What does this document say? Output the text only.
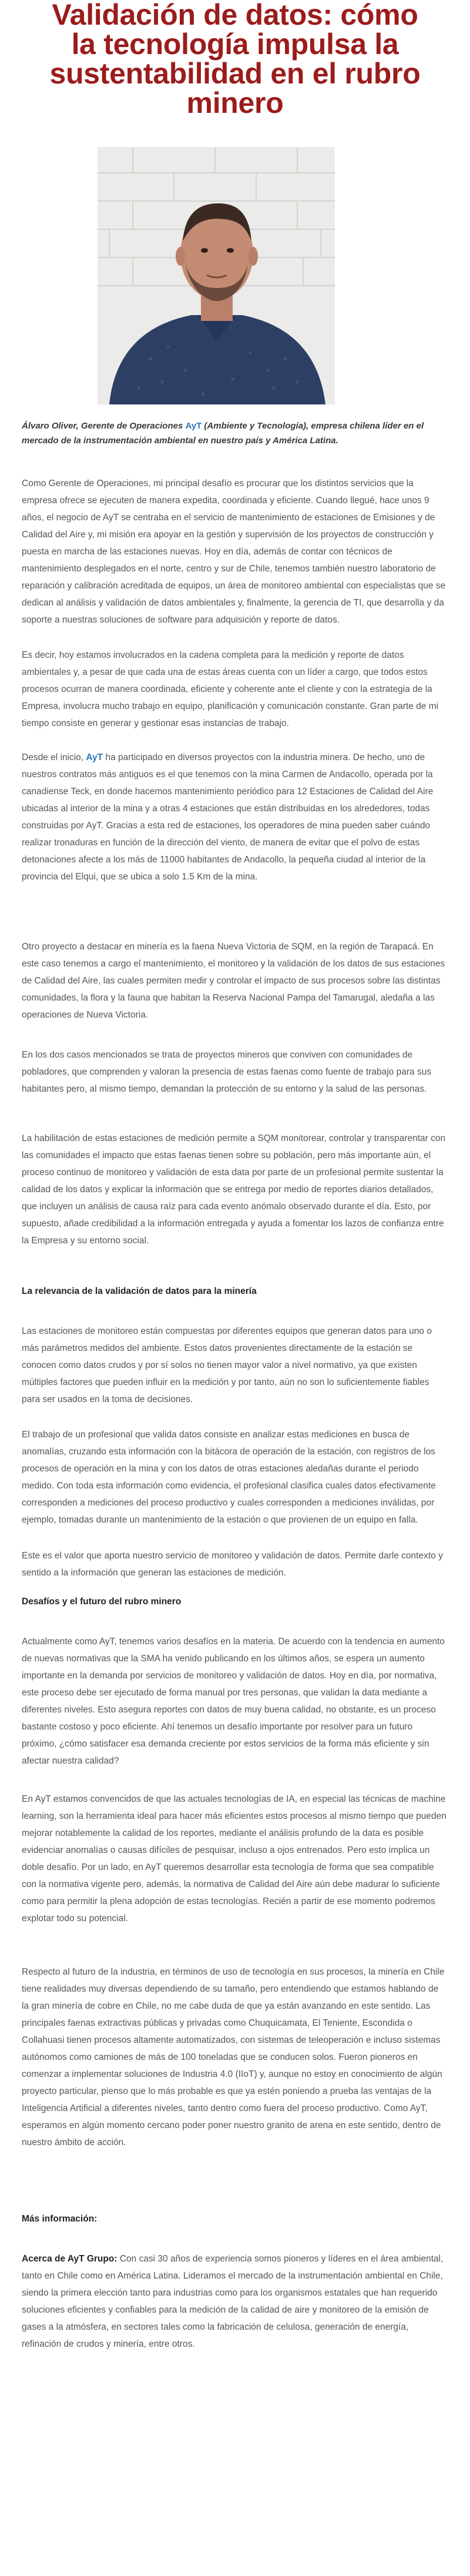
Validación de datos: cómo la tecnología impulsa la sustentabilidad en el rubro minero

Álvaro Oliver, Gerente de Operaciones AyT (Ambiente y Tecnología), empresa chilena líder en el mercado de la instrumentación ambiental en nuestro país y América Latina.

Como Gerente de Operaciones, mi principal desafío es procurar que los distintos servicios que la empresa ofrece se ejecuten de manera expedita, coordinada y eficiente. Cuando llegué, hace unos 9 años, el negocio de AyT se centraba en el servicio de mantenimiento de estaciones de Emisiones y de Calidad del Aire y, mi misión era apoyar en la gestión y supervisión de los proyectos de construcción y puesta en marcha de las estaciones nuevas. Hoy en día, además de contar con técnicos de mantenimiento desplegados en el norte, centro y sur de Chile, tenemos también nuestro laboratorio de reparación y calibración acreditada de equipos, un área de monitoreo ambiental con especialistas que se dedican al análisis y validación de datos ambientales y, finalmente, la gerencia de TI, que desarrolla y da soporte a nuestras soluciones de software para adquisición y reporte de datos.

Es decir, hoy estamos involucrados en la cadena completa para la medición y reporte de datos ambientales y, a pesar de que cada una de estas áreas cuenta con un líder a cargo, que todos estos procesos ocurran de manera coordinada, eficiente y coherente ante el cliente y con la estrategia de la Empresa, involucra mucho trabajo en equipo, planificación y comunicación constante. Gran parte de mi tiempo consiste en generar y gestionar esas instancias de trabajo.

Desde el inicio, AyT ha participado en diversos proyectos con la industria minera. De hecho, uno de nuestros contratos más antiguos es el que tenemos con la mina Carmen de Andacollo, operada por la canadiense Teck, en donde hacemos mantenimiento periódico para 12 Estaciones de Calidad del Aire ubicadas al interior de la mina y a otras 4 estaciones que están distribuidas en los alrededores, todas construidas por AyT. Gracias a esta red de estaciones, los operadores de mina pueden saber cuándo realizar tronaduras en función de la dirección del viento, de manera de evitar que el polvo de estas detonaciones afecte a los más de 11000 habitantes de Andacollo, la pequeña ciudad al interior de la provincia del Elqui, que se ubica a solo 1.5 Km de la mina.

Otro proyecto a destacar en minería es la faena Nueva Victoria de SQM, en la región de Tarapacá. En este caso tenemos a cargo el mantenimiento, el monitoreo y la validación de los datos de sus estaciones de Calidad del Aire, las cuales permiten medir y controlar el impacto de sus procesos sobre las distintas comunidades, la flora y la fauna que habitan la Reserva Nacional Pampa del Tamarugal, aledaña a las operaciones de Nueva Victoria.

En los dos casos mencionados se trata de proyectos mineros que conviven con comunidades de pobladores, que comprenden y valoran la presencia de estas faenas como fuente de trabajo para sus habitantes pero, al mismo tiempo, demandan la protección de su entorno y la salud de las personas.

La habilitación de estas estaciones de medición permite a SQM monitorear, controlar y transparentar con las comunidades el impacto que estas faenas tienen sobre su población, pero más importante aún, el proceso continuo de monitoreo y validación de esta data por parte de un profesional permite sustentar la calidad de los datos y explicar la información que se entrega por medio de reportes diarios detallados, que incluyen un análisis de causa raíz para cada evento anómalo observado durante el día. Esto, por supuesto, añade credibilidad a la información entregada y ayuda a fomentar los lazos de confianza entre la Empresa y su entorno social.

La relevancia de la validación de datos para la minería

Las estaciones de monitoreo están compuestas por diferentes equipos que generan datos para uno o más parámetros medidos del ambiente. Estos datos provenientes directamente de la estación se conocen como datos crudos y por sí solos no tienen mayor valor a nivel normativo, ya que existen múltiples factores que pueden influir en la medición y por tanto, aún no son lo suficientemente fiables para ser usados en la toma de decisiones.

El trabajo de un profesional que valida datos consiste en analizar estas mediciones en busca de anomalías, cruzando esta información con la bitácora de operación de la estación, con registros de los procesos de operación en la mina y con los datos de otras estaciones aledañas durante el periodo medido. Con toda esta información como evidencia, el profesional clasifica cuales datos efectivamente corresponden a mediciones del proceso productivo y cuales corresponden a mediciones inválidas, por ejemplo, tomadas durante un mantenimiento de la estación o que provienen de un equipo en falla.

Este es el valor que aporta nuestro servicio de monitoreo y validación de datos. Permite darle contexto y sentido a la información que generan las estaciones de medición.

Desafíos y el futuro del rubro minero

Actualmente como AyT, tenemos varios desafíos en la materia. De acuerdo con la tendencia en aumento de nuevas normativas que la SMA ha venido publicando en los últimos años, se espera un aumento importante en la demanda por servicios de monitoreo y validación de datos. Hoy en día, por normativa, este proceso debe ser ejecutado de forma manual por tres personas, que validan la data mediante a diferentes niveles. Esto asegura reportes con datos de muy buena calidad, no obstante, es un proceso bastante costoso y poco eficiente. Ahí tenemos un desafío importante por resolver para un futuro próximo, ¿cómo satisfacer esa demanda creciente por estos servicios de la forma más eficiente y sin afectar nuestra calidad?

En AyT estamos convencidos de que las actuales tecnologías de IA, en especial las técnicas de machine learning, son la herramienta ideal para hacer más eficientes estos procesos al mismo tiempo que pueden mejorar notablemente la calidad de los reportes, mediante el análisis profundo de la data es posible evidenciar anomalías o causas difíciles de pesquisar, incluso a ojos entrenados. Pero esto implica un doble desafío. Por un lado, en AyT queremos desarrollar esta tecnología de forma que sea compatible con la normativa vigente pero, además, la normativa de Calidad del Aire aún debe madurar lo suficiente como para permitir la plena adopción de estas tecnologías. Recién a partir de ese momento podremos explotar todo su potencial.

Respecto al futuro de la industria, en términos de uso de tecnología en sus procesos, la minería en Chile tiene realidades muy diversas dependiendo de su tamaño, pero entendiendo que estamos hablando de la gran minería de cobre en Chile, no me cabe duda de que ya están avanzando en este sentido. Las principales faenas extractivas públicas y privadas como Chuquicamata, El Teniente, Escondida o Collahuasi tienen procesos altamente automatizados, con sistemas de teleoperación e incluso sistemas autónomos como camiones de más de 100 toneladas que se conducen solos. Fueron pioneros en comenzar a implementar soluciones de Industria 4.0 (IIoT) y, aunque no estoy en conocimiento de algún proyecto particular, pienso que lo más probable es que ya estén poniendo a prueba las ventajas de la Inteligencia Artificial a diferentes niveles, tanto dentro como fuera del proceso productivo. Como AyT, esperamos en algún momento cercano poder poner nuestro granito de arena en este sentido, dentro de nuestro ámbito de acción.

Más información:

Acerca de AyT Grupo: Con casi 30 años de experiencia somos pioneros y líderes en el área ambiental, tanto en Chile como en América Latina. Lideramos el mercado de la instrumentación ambiental en Chile, siendo la primera elección tanto para industrias como para los organismos estatales que han requerido soluciones eficientes y confiables para la medición de la calidad de aire y monitoreo de la emisión de gases a la atmósfera, en sectores tales como la fabricación de celulosa, generación de energía, refinación de crudos y minería, entre otros.
